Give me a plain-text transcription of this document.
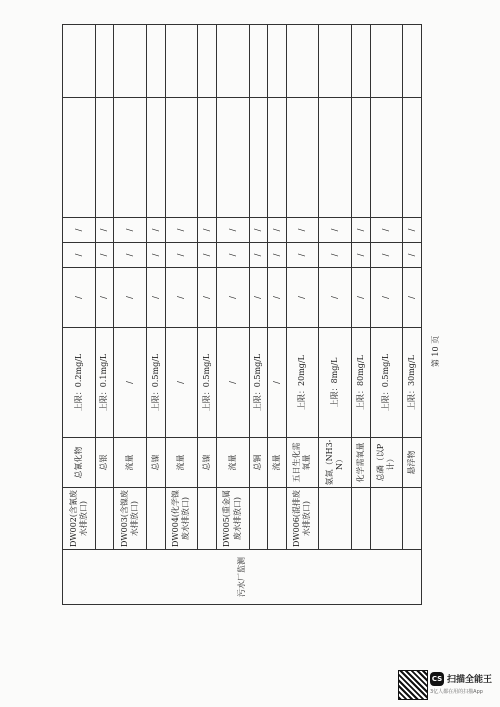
污水厂监测	DW002(含氰废水排放口)	总氰化物	上限：0.2mg/L	/	/	/		
		总银	上限：0.1mg/L	/	/	/		
	DW003(含镍废水排放口)	流量	/	/	/	/		
		总镍	上限：0.5mg/L	/	/	/		
	DW004(化学镍废水排放口)	流量	/	/	/	/		
		总镍	上限：0.5mg/L	/	/	/		
	DW005(重金属废水排放口)	流量	/	/	/	/		
		总铜	上限：0.5mg/L	/	/	/		
		流量	/	/	/	/		
	DW006(混排废水排放口)	五日生化需氧量	上限：20mg/L	/	/	/		
		氨氮（NH3-N）	上限：8mg/L	/	/	/		
		化学需氧量	上限：80mg/L	/	/	/		
		总磷（以P计）	上限：0.5mg/L	/	/	/		
		悬浮物	上限：30mg/L	/	/	/		
第 10 页
CS 扫描全能王
3亿人都在用的扫描App
